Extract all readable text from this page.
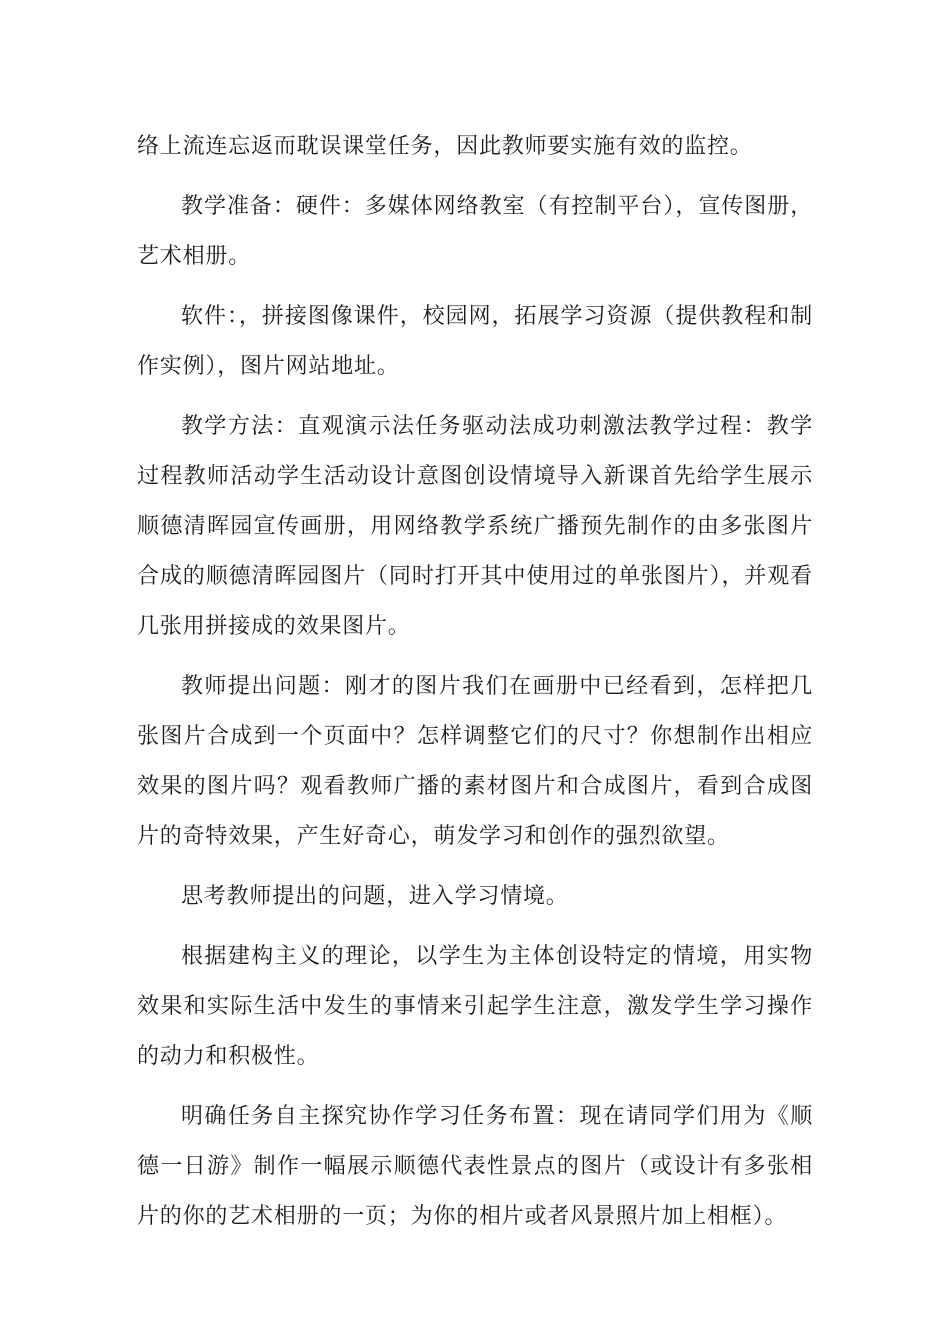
络上流连忘返而耽误课堂任务，因此教师要实施有效的监控。

教学准备：硬件：多媒体网络教室（有控制平台），宣传图册，艺术相册。

软件：，拼接图像课件，校园网，拓展学习资源（提供教程和制作实例），图片网站地址。

教学方法：直观演示法任务驱动法成功刺激法教学过程：教学过程教师活动学生活动设计意图创设情境导入新课首先给学生展示顺德清晖园宣传画册，用网络教学系统广播预先制作的由多张图片合成的顺德清晖园图片（同时打开其中使用过的单张图片），并观看几张用拼接成的效果图片。

教师提出问题：刚才的图片我们在画册中已经看到，怎样把几张图片合成到一个页面中？怎样调整它们的尺寸？你想制作出相应效果的图片吗？观看教师广播的素材图片和合成图片，看到合成图片的奇特效果，产生好奇心，萌发学习和创作的强烈欲望。

思考教师提出的问题，进入学习情境。

根据建构主义的理论，以学生为主体创设特定的情境，用实物效果和实际生活中发生的事情来引起学生注意，激发学生学习操作的动力和积极性。

明确任务自主探究协作学习任务布置：现在请同学们用为《顺德一日游》制作一幅展示顺德代表性景点的图片（或设计有多张相片的你的艺术相册的一页；为你的相片或者风景照片加上相框）。
